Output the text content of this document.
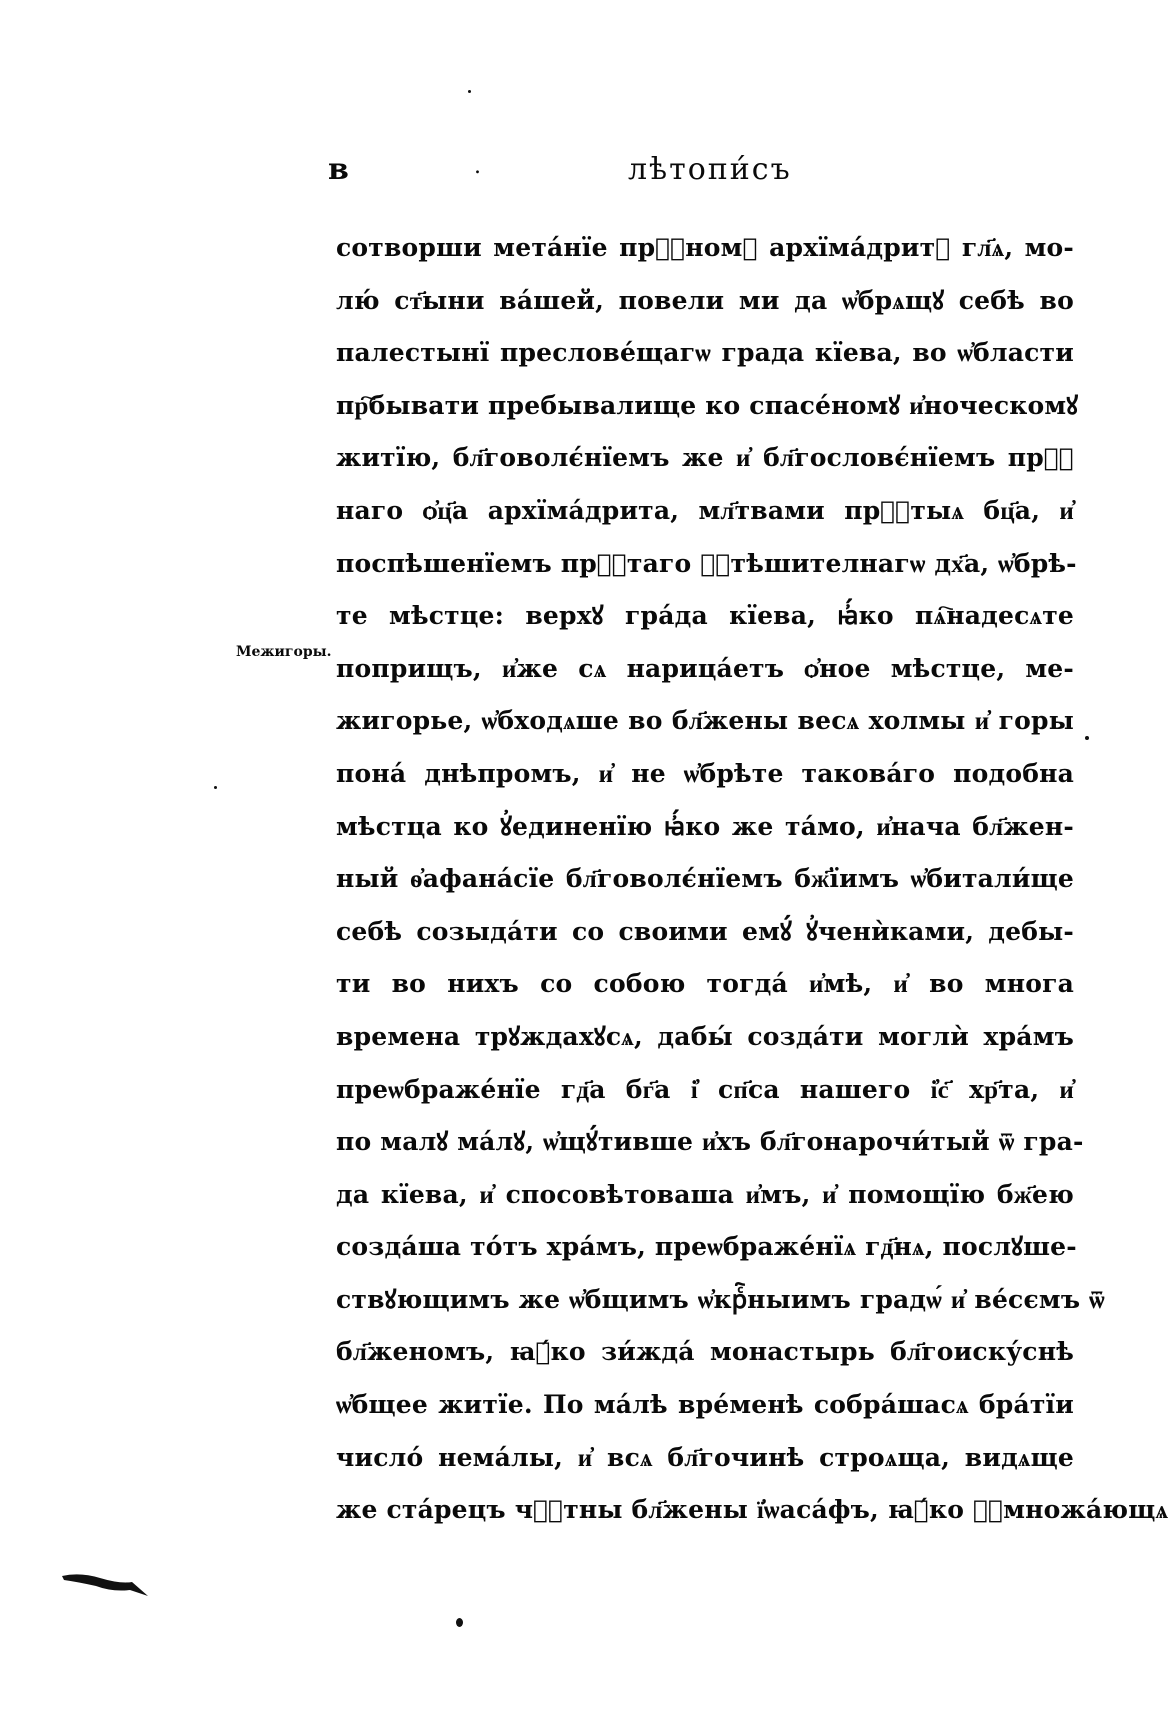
в	.	лѣтопи́съ
Межигоры.
сотворши мета́нїе прⷭ҇номꙋ архїма́дритꙋ гл҃ѧ, мо-
лю́ ст҃ыни ва́шей, повели ми да ѡ҆брѧщꙋ себѣ во
палестынї преслове́щагѡ града кїева, во ѡ҆бласти
пр҇бывати пребывалище ко спасе́номꙋ и҆ноческомꙋ
житїю, бл҃говолє́нїемъ же и҆ бл҃гословє́нїемъ прⷭ҇
наго ѻ҆ц҃а архїма́дрита, мл҃твами прⷭ҇тыѧ бц҃а, и҆
поспѣшенїемъ прⷭ҇таго ꙋ҆тѣшителнагѡ дх҃а, ѡ҆брѣ-
те мѣстце: верхꙋ гра́да кїева, ꙗ҆́ко пѧ҇надесѧте
поприщъ, и҆же сѧ нарица́етъ ѻ҆ное мѣстце, ме-
жигорье, ѡ҆бходѧше во бл҃жены весѧ холмы и҆ горы
пона́ днѣпромъ, и҆ не ѡ҆брѣте такова́го подобна
мѣстца ко ꙋ҆единенїю ꙗ҆́ко же та́мо, и҆нача бл҃жен-
ный ѳ҆афана́сїе бл҃говолє́нїемъ бж҃їимъ ѡ҆битали́ще
себѣ созыда́ти со своими емꙋ́ ꙋ҆ченѝками, дебы-
ти во нихъ со собою тогда́ и҆мѣ, и҆ во многа
времена трꙋждахꙋсѧ, дабы́ созда́ти моглѝ хра́мъ
преѡбраже́нїе гд҃а бг҃а і҆ сп҃са нашего і҆с҃ хр҃та, и҆
по малꙋ ма́лꙋ, ѡ҆щꙋ́тивше и҆хъ бл҃гонарочи́тый ѿ гра-
да кїева, и҆ спосовѣтоваша и҆мъ, и҆ помощїю бж҃ею
созда́ша то́тъ хра́мъ, преѡбраже́нїѧ гд҃нѧ, послꙋше-
ствꙋющимъ же ѡ҆бщимъ ѡ҆крⷭ҇ныимъ градѡ́ и҆ ве́сємъ ѿ
бл҃женомъ, ꙗ҆́ко зи́жда́ монастырь бл҃гоиску́снѣ
ѡ҆бщее житїе. По ма́лѣ вре́менѣ собра́шасѧ бра́тїи
число́ нема́лы, и҆ всѧ бл҃гочинѣ строѧща, видѧще
же ста́рецъ чⷭ҇тны бл҃жены ї҆ѡаса́фъ, ꙗ҆́ко ꙋ҆множа́ющѧ
